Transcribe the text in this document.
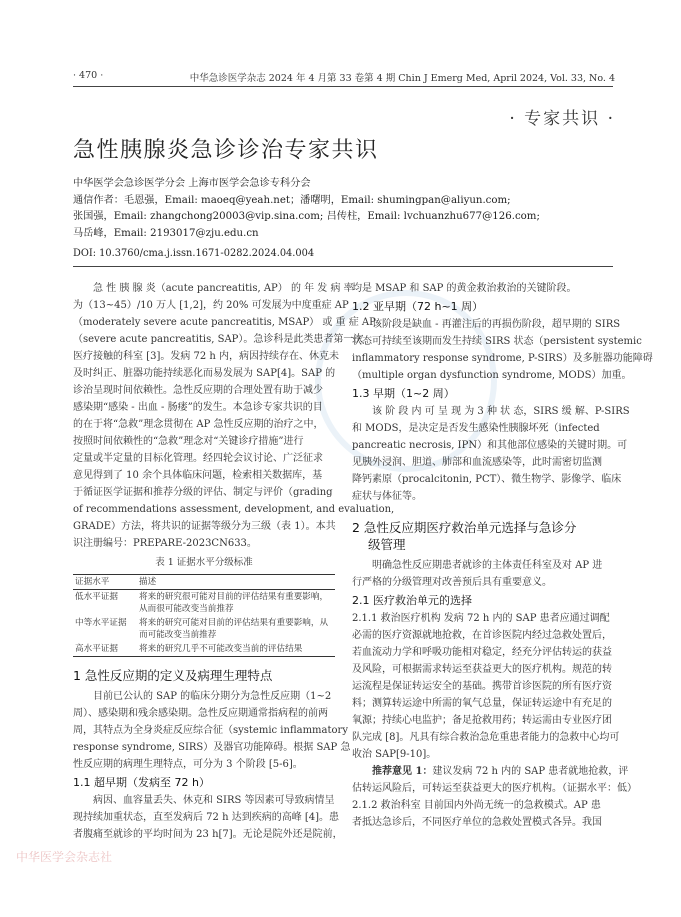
· 470 ·	中华急诊医学杂志 2024 年 4 月第 33 卷第 4 期 Chin J Emerg Med, April 2024, Vol. 33, No. 4
· 专家共识 ·
急性胰腺炎急诊诊治专家共识
中华医学会急诊医学分会 上海市医学会急诊专科分会
通信作者：毛恩强，Email: maoeq@yeah.net；潘曙明，Email: shumingpan@aliyun.com;
张国强，Email: zhangchong20003@vip.sina.com; 吕传柱，Email: lvchuanzhu677@126.com;
马岳峰，Email: 2193017@zju.edu.cn
DOI: 10.3760/cma.j.issn.1671-0282.2024.04.004
急 性 胰 腺 炎（acute pancreatitis, AP） 的 年 发 病 率
为（13~45）/10 万人 [1,2]，约 20% 可发展为中度重症 AP
（moderately severe acute pancreatitis, MSAP） 或 重 症 AP
（severe acute pancreatitis, SAP）。急诊科是此类患者第一次
医疗接触的科室 [3]。发病 72 h 内，病因持续存在、休克未
及时纠正、脏器功能持续恶化而易发展为 SAP[4]。SAP 的
诊治呈现时间依赖性。急性反应期的合理处置有助于减少
感染期“感染 - 出血 - 肠瘘”的发生。本急诊专家共识的目
的在于将“急救”理念贯彻在 AP 急性反应期的治疗之中，
按照时间依赖性的“急救”理念对“关键诊疗措施”进行
定量或半定量的目标化管理。经四轮会议讨论、广泛征求
意见得到了 10 余个具体临床问题，检索相关数据库，基
于循证医学证据和推荐分级的评估、制定与评价（grading
of recommendations assessment, development, and evaluation,
GRADE）方法，将共识的证据等级分为三级（表 1）。本共
识注册编号：PREPARE-2023CN633。
表 1 证据水平分级标准
证据水平	描述
低水平证据	将来的研究很可能对目前的评估结果有重要影响，从而很可能改变当前推荐
中等水平证据	将来的研究可能对目前的评估结果有重要影响，从而可能改变当前推荐
高水平证据	将来的研究几乎不可能改变当前的评估结果
1 急性反应期的定义及病理生理特点
目前已公认的 SAP 的临床分期分为急性反应期（1~2
周）、感染期和残余感染期。急性反应期通常指病程的前两
周，其特点为全身炎症反应综合征（systemic inflammatory
response syndrome, SIRS）及器官功能障碍。根据 SAP 急
性反应期的病理生理特点，可分为 3 个阶段 [5-6]。
1.1 超早期（发病至 72 h）
病因、血容量丢失、休克和 SIRS 等因素可导致病情呈
现持续加重状态，直至发病后 72 h 达到疾病的高峰 [4]。患
者腹痛至就诊的平均时间为 23 h[7]。无论是院外还是院前，
均是 MSAP 和 SAP 的黄金救治救治的关键阶段。
1.2 亚早期（72 h~1 周）
该阶段是缺血 - 再灌注后的再损伤阶段，超早期的 SIRS
状态可持续至该期而发生持续 SIRS 状态（persistent systemic
inflammatory response syndrome, P-SIRS）及多脏器功能障碍
（multiple organ dysfunction syndrome, MODS）加重。
1.3 早期（1~2 周）
该 阶 段 内 可 呈 现 为 3 种 状 态，SIRS 缓 解、P-SIRS
和 MODS，是决定是否发生感染性胰腺坏死（infected
pancreatic necrosis, IPN）和其他部位感染的关键时期。可
见胰外浸润、胆道、肺部和血流感染等，此时需密切监测
降钙素原（procalcitonin, PCT）、微生物学、影像学、临床
症状与体征等。
2 急性反应期医疗救治单元选择与急诊分
级管理
明确急性反应期患者就诊的主体责任科室及对 AP 进
行严格的分级管理对改善预后具有重要意义。
2.1 医疗救治单元的选择
2.1.1 救治医疗机构 发病 72 h 内的 SAP 患者应通过调配
必需的医疗资源就地抢救，在首诊医院内经过急救处置后，
若血流动力学和呼吸功能相对稳定，经充分评估转运的获益
及风险，可根据需求转运至获益更大的医疗机构。规范的转
运流程是保证转运安全的基础。携带首诊医院的所有医疗资
料；测算转运途中所需的氧气总量，保证转运途中有充足的
氧源；持续心电监护；备足抢救用药；转运需由专业医疗团
队完成 [8]。凡具有综合救治急危重患者能力的急救中心均可
收治 SAP[9-10]。
推荐意见 1：建议发病 72 h 内的 SAP 患者就地抢救，评
估转运风险后，可转运至获益更大的医疗机构。（证据水平：低）
2.1.2 救治科室 目前国内外尚无统一的急救模式。AP 患
者抵达急诊后，不同医疗单位的急救处置模式各异。我国
中华医学会杂志社
